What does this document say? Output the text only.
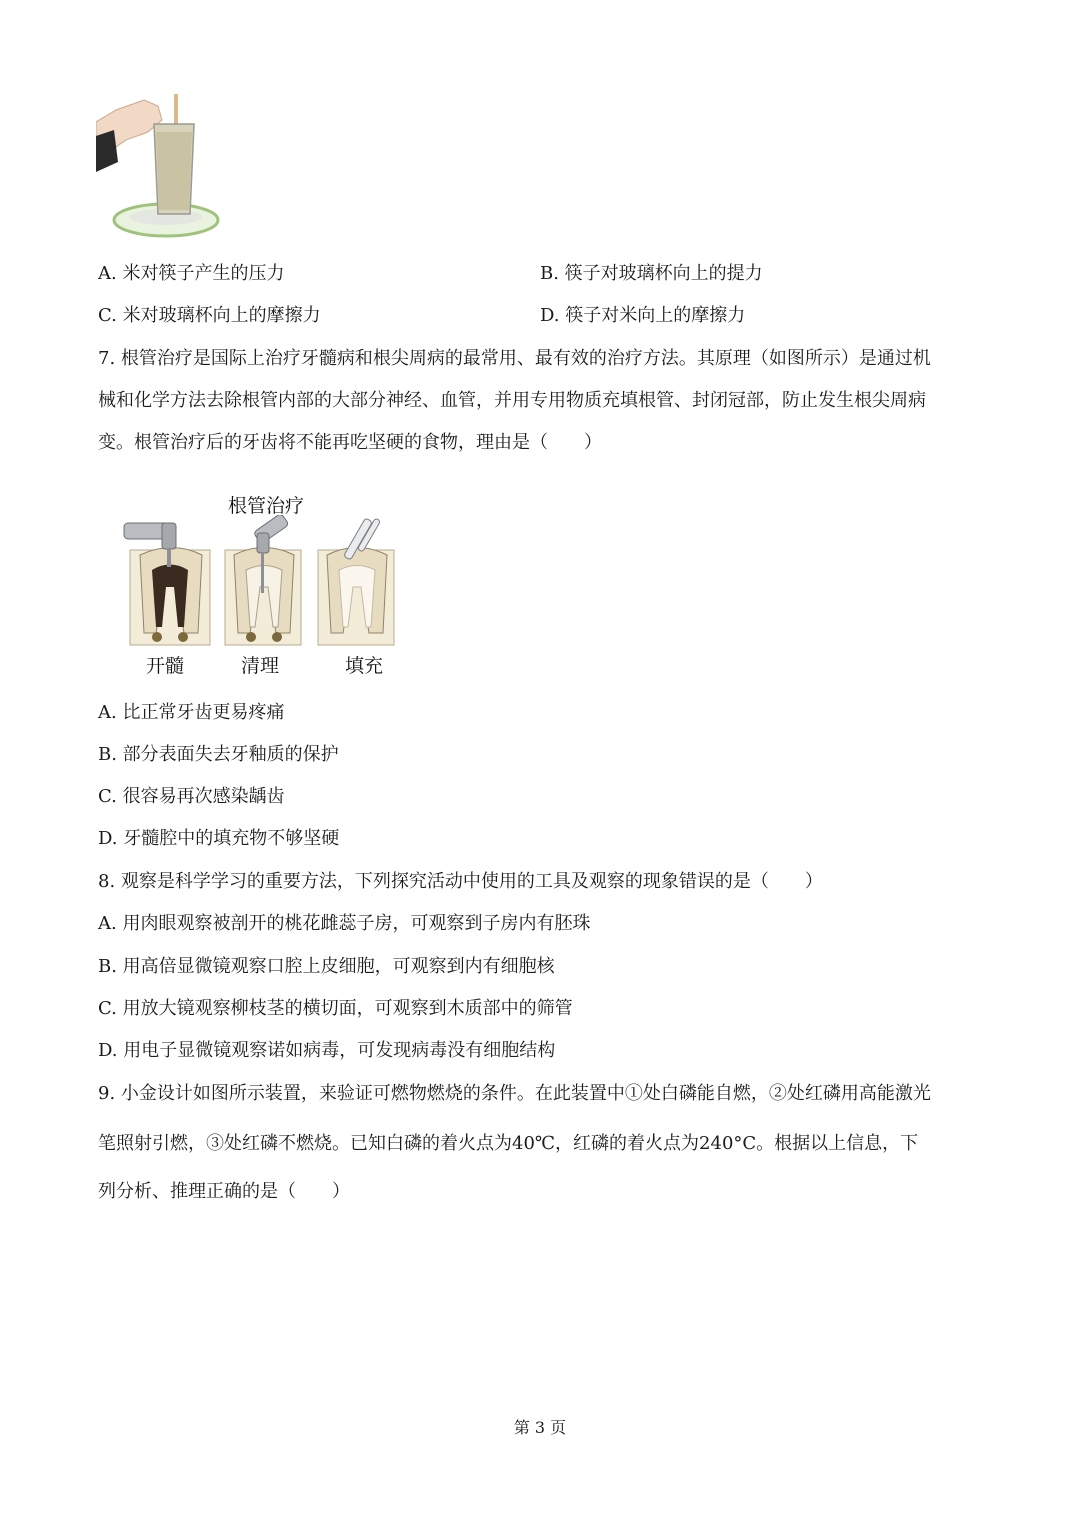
A. 米对筷子产生的压力	B. 筷子对玻璃杯向上的提力
C. 米对玻璃杯向上的摩擦力	D. 筷子对米向上的摩擦力
7. 根管治疗是国际上治疗牙髓病和根尖周病的最常用、最有效的治疗方法。其原理（如图所示）是通过机
械和化学方法去除根管内部的大部分神经、血管，并用专用物质充填根管、封闭冠部，防止发生根尖周病
变。根管治疗后的牙齿将不能再吃坚硬的食物，理由是（　　）
根管治疗
开髓	清理	填充
A. 比正常牙齿更易疼痛
B. 部分表面失去牙釉质的保护
C. 很容易再次感染龋齿
D. 牙髓腔中的填充物不够坚硬
8. 观察是科学学习的重要方法，下列探究活动中使用的工具及观察的现象错误的是（　　）
A. 用肉眼观察被剖开的桃花雌蕊子房，可观察到子房内有胚珠
B. 用高倍显微镜观察口腔上皮细胞，可观察到内有细胞核
C. 用放大镜观察柳枝茎的横切面，可观察到木质部中的筛管
D. 用电子显微镜观察诺如病毒，可发现病毒没有细胞结构
9. 小金设计如图所示装置，来验证可燃物燃烧的条件。在此装置中①处白磷能自燃，②处红磷用高能激光
笔照射引燃，③处红磷不燃烧。已知白磷的着火点为40℃，红磷的着火点为240°C。根据以上信息，下
列分析、推理正确的是（　　）
第 3 页
